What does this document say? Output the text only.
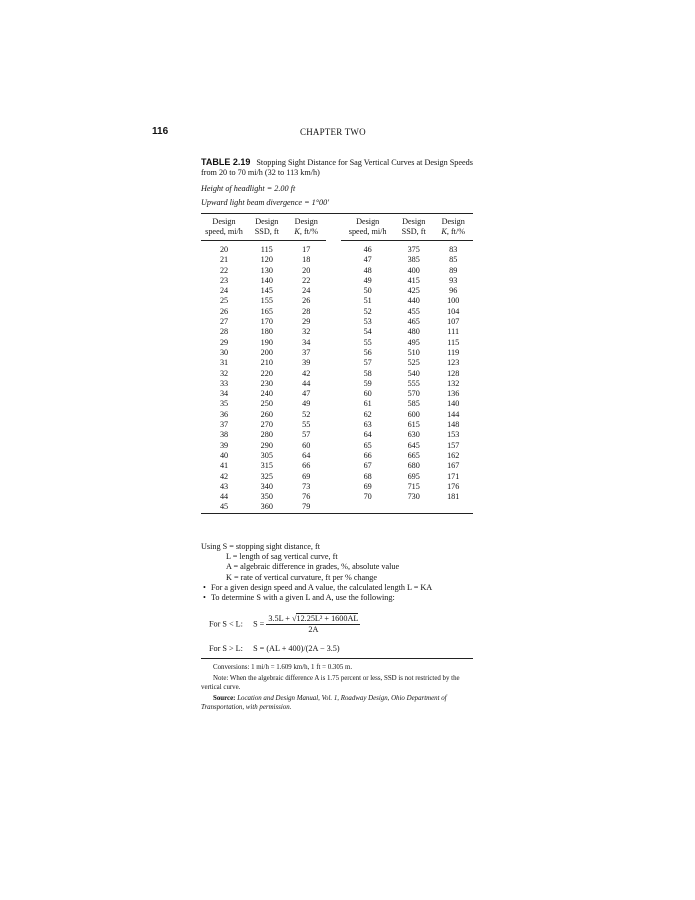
116	CHAPTER TWO
TABLE 2.19 Stopping Sight Distance for Sag Vertical Curves at Design Speeds from 20 to 70 mi/h (32 to 113 km/h)
Height of headlight = 2.00 ft
Upward light beam divergence = 1°00′
Design	Design	Design		Design	Design	Design
speed, mi/h	SSD, ft	K, ft/%		speed, mi/h	SSD, ft	K, ft/%
20	115	17		46	375	83
21	120	18		47	385	85
22	130	20		48	400	89
23	140	22		49	415	93
24	145	24		50	425	96
25	155	26		51	440	100
26	165	28		52	455	104
27	170	29		53	465	107
28	180	32		54	480	111
29	190	34		55	495	115
30	200	37		56	510	119
31	210	39		57	525	123
32	220	42		58	540	128
33	230	44		59	555	132
34	240	47		60	570	136
35	250	49		61	585	140
36	260	52		62	600	144
37	270	55		63	615	148
38	280	57		64	630	153
39	290	60		65	645	157
40	305	64		66	665	162
41	315	66		67	680	167
42	325	69		68	695	171
43	340	73		69	715	176
44	350	76		70	730	181
45	360	79				
Using S = stopping sight distance, ft
L = length of sag vertical curve, ft
A = algebraic difference in grades, %, absolute value
K = rate of vertical curvature, ft per % change
• For a given design speed and A value, the calculated length L = KA
• To determine S with a given L and A, use the following:
For S < L: $S = \frac{\text{3.5L + √12.25L² + 1600AL}}{2A}$
For S > L: S = (AL + 400)/(2A − 3.5)

Conversions: 1 mi/h = 1.609 km/h, 1 ft = 0.305 m.

Note: When the algebraic difference A is 1.75 percent or less, SSD is not restricted by the vertical curve.

Source: Location and Design Manual, Vol. 1, Roadway Design, Ohio Department of Transportation, with permission.
